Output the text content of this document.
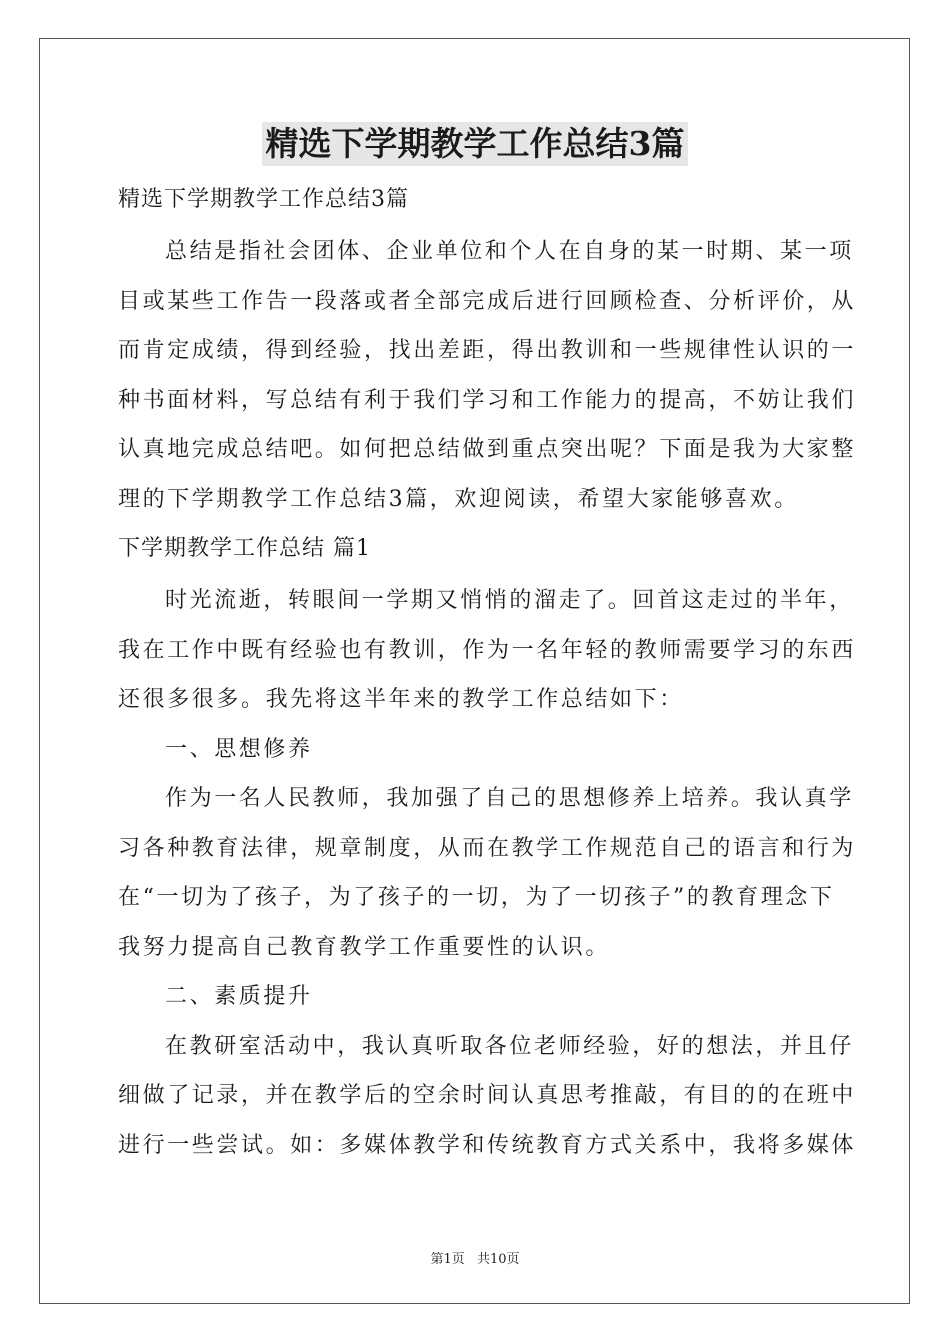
精选下学期教学工作总结3篇
精选下学期教学工作总结3篇
总结是指社会团体、企业单位和个人在自身的某一时期、某一项
目或某些工作告一段落或者全部完成后进行回顾检查、分析评价，从
而肯定成绩，得到经验，找出差距，得出教训和一些规律性认识的一
种书面材料，写总结有利于我们学习和工作能力的提高，不妨让我们
认真地完成总结吧。如何把总结做到重点突出呢？下面是我为大家整
理的下学期教学工作总结3篇，欢迎阅读，希望大家能够喜欢。
下学期教学工作总结 篇1
时光流逝，转眼间一学期又悄悄的溜走了。回首这走过的半年，
我在工作中既有经验也有教训，作为一名年轻的教师需要学习的东西
还很多很多。我先将这半年来的教学工作总结如下：
一、思想修养
作为一名人民教师，我加强了自己的思想修养上培养。我认真学
习各种教育法律，规章制度，从而在教学工作规范自己的语言和行为
在“一切为了孩子，为了孩子的一切，为了一切孩子”的教育理念下
我努力提高自己教育教学工作重要性的认识。
二、素质提升
在教研室活动中，我认真听取各位老师经验，好的想法，并且仔
细做了记录，并在教学后的空余时间认真思考推敲，有目的的在班中
进行一些尝试。如：多媒体教学和传统教育方式关系中，我将多媒体
第1页 共10页
